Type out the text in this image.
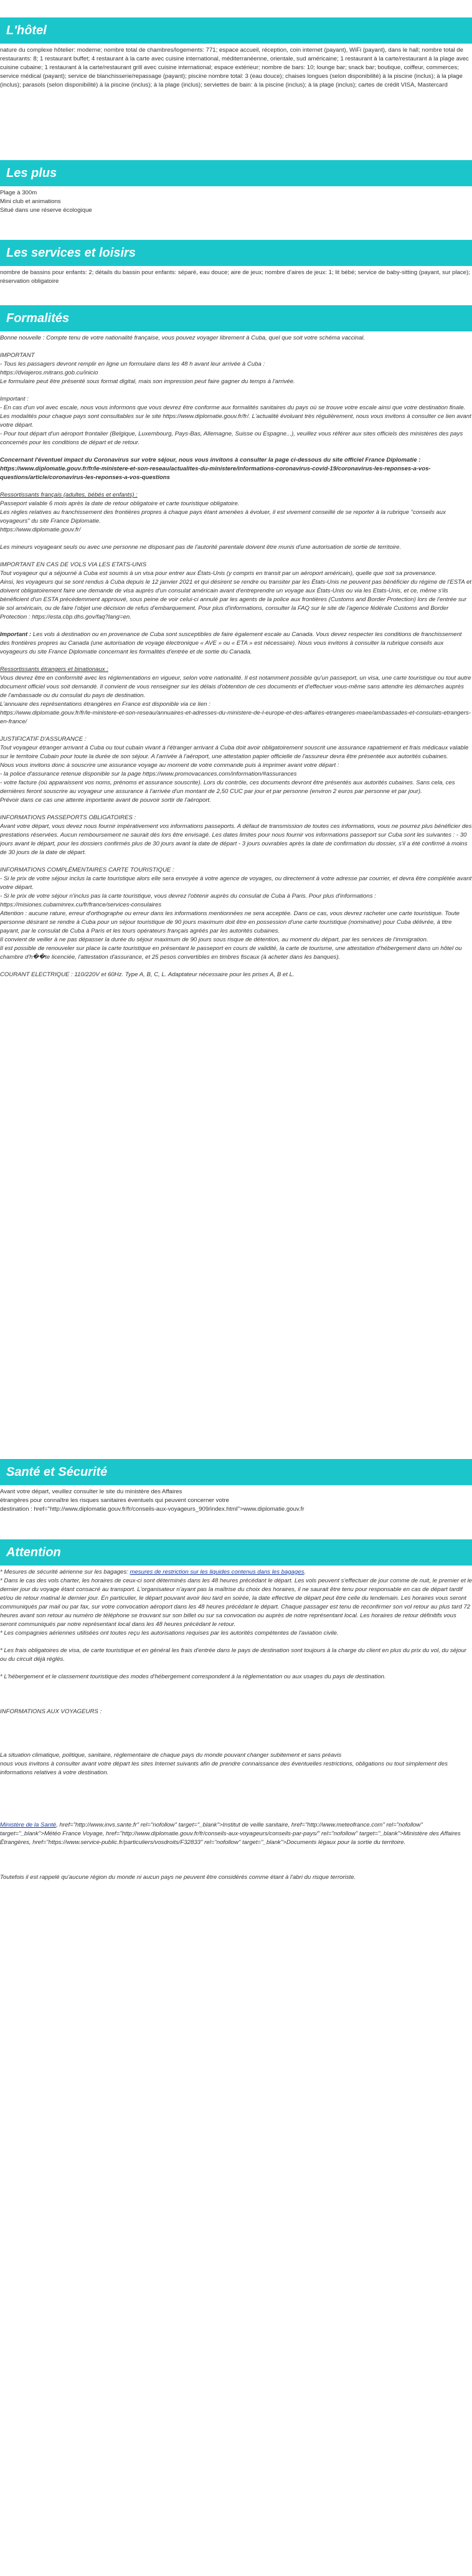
L'hôtel

nature du complexe hôtelier: moderne; nombre total de chambres/logements: 771; espace accueil, réception, coin internet (payant), WiFi (payant), dans le hall; nombre total de restaurants: 8; 1 restaurant buffet; 4 restaurant à la carte avec cuisine international, méditerranéenne, orientale, sud américaine; 1 restaurant à la carte/restaurant à la plage avec cuisine cubaine; 1 restaurant à la carte/restaurant grill avec cuisine international; espace extérieur; nombre de bars: 10; lounge bar; snack bar; boutique, coiffeur, commerces; service médical (payant); service de blanchisserie/repassage (payant); piscine nombre total: 3 (eau douce); chaises longues (selon disponibilité) à la piscine (inclus); à la plage (inclus); parasols (selon disponibilité) à la piscine (inclus); à la plage (inclus); serviettes de bain: à la piscine (inclus); à la plage (inclus); cartes de crédit VISA, Mastercard

Les plus

Plage à 300m

Mini club et animations

Situé dans une réserve écologique

Les services et loisirs

nombre de bassins pour enfants: 2; détails du bassin pour enfants: séparé, eau douce; aire de jeux; nombre d'aires de jeux: 1; lit bébé; service de baby-sitting (payant, sur place); réservation obligatoire

Formalités

Bonne nouvelle : Compte tenu de votre nationalité française, vous pouvez voyager librement à Cuba, quel que soit votre schéma vaccinal.

IMPORTANT

- Tous les passagers devront remplir en ligne un formulaire dans les 48 h avant leur arrivée à Cuba :

https://dviajeros.mitrans.gob.cu/inicio

Le formulaire peut être présenté sous format digital, mais son impression peut faire gagner du temps à l'arrivée.

Important :

- En cas d'un vol avec escale, nous vous informons que vous devrez être conforme aux formalités sanitaires du pays où se trouve votre escale ainsi que votre destination finale.

Les modalités pour chaque pays sont consultables sur le site https://www.diplomatie.gouv.fr/fr/. L'actualité évoluant très régulièrement, nous vous invitons à consulter ce lien avant votre départ.

- Pour tout départ d'un aéroport frontalier (Belgique, Luxembourg, Pays-Bas, Allemagne, Suisse ou Espagne...), veuillez vous référer aux sites officiels des ministères des pays concernés pour les conditions de départ et de retour.

Concernant l'éventuel impact du Coronavirus sur votre séjour, nous vous invitons à consulter la page ci-dessous du site officiel France Diplomatie :

https://www.diplomatie.gouv.fr/fr/le-ministere-et-son-reseau/actualites-du-ministere/informations-coronavirus-covid-19/coronavirus-les-reponses-a-vos-questions/article/coronavirus-les-reponses-a-vos-questions

Ressortissants français (adultes, bébés et enfants) :

Passeport valable 6 mois après la date de retour obligatoire et carte touristique obligatoire.

Les règles relatives au franchissement des frontières propres à chaque pays étant amenées à évoluer, il est vivement conseillé de se reporter à la rubrique "conseils aux voyageurs" du site France Diplomatie.

https://www.diplomatie.gouv.fr/

Les mineurs voyageant seuls ou avec une personne ne disposant pas de l'autorité parentale doivent être munis d'une autorisation de sortie de territoire.

IMPORTANT EN CAS DE VOLS VIA LES ETATS-UNIS

Tout voyageur qui a séjourné à Cuba est soumis à un visa pour entrer aux États-Unis (y compris en transit par un aéroport américain), quelle que soit sa provenance.

Ainsi, les voyageurs qui se sont rendus à Cuba depuis le 12 janvier 2021 et qui désirent se rendre ou transiter par les États-Unis ne peuvent pas bénéficier du régime de l'ESTA et doivent obligatoirement faire une demande de visa auprès d'un consulat américain avant d'entreprendre un voyage aux États-Unis ou via les Etats-Unis, et ce, même s'ils bénéficient d'un ESTA précédemment approuvé, sous peine de voir celui-ci annulé par les agents de la police aux frontières (Customs and Border Protection) lors de l'entrée sur le sol américain, ou de faire l'objet une décision de refus d'embarquement. Pour plus d'informations, consulter la FAQ sur le site de l'agence fédérale Customs and Border Protection : https://esta.cbp.dhs.gov/faq?lang=en.

Important : Les vols à destination ou en provenance de Cuba sont susceptibles de faire également escale au Canada. Vous devez respecter les conditions de franchissement des frontières propres au Canada (une autorisation de voyage électronique « AVE » ou « ETA » est nécessaire). Nous vous invitons à consulter la rubrique conseils aux voyageurs du site France Diplomatie concernant les formalités d'entrée et de sortie du Canada.

Ressortissants étrangers et binationaux :

Vous devrez être en conformité avec les réglementations en vigueur, selon votre nationalité. Il est notamment possible qu'un passeport, un visa, une carte touristique ou tout autre document officiel vous soit demandé. Il convient de vous renseigner sur les délais d'obtention de ces documents et d'effectuer vous-même sans attendre les démarches auprès de l'ambassade ou du consulat du pays de destination.

L'annuaire des représentations étrangères en France est disponible via ce lien :

https://www.diplomatie.gouv.fr/fr/le-ministere-et-son-reseau/annuaires-et-adresses-du-ministere-de-l-europe-et-des-affaires-etrangeres-maee/ambassades-et-consulats-etrangers-en-france/

JUSTIFICATIF D'ASSURANCE :

Tout voyageur étranger arrivant à Cuba ou tout cubain vivant à l'étranger arrivant à Cuba doit avoir obligatoirement souscrit une assurance rapatriement et frais médicaux valable sur le territoire Cubain pour toute la durée de son séjour. A l'arrivée à l'aéroport, une attestation papier officielle de l'assureur devra être présentée aux autorités cubaines.

Nous vous invitons donc à souscrire une assurance voyage au moment de votre commande puis à imprimer avant votre départ :

- la police d'assurance retenue disponible sur la page https://www.promovacances.com/information/#assurances

- votre facture (où apparaissent vos noms, prénoms et assurance souscrite). Lors du contrôle, ces documents devront être présentés aux autorités cubaines. Sans cela, ces dernières feront souscrire au voyageur une assurance à l'arrivée d'un montant de 2,50 CUC par jour et par personne (environ 2 euros par personne et par jour).

Prévoir dans ce cas une attente importante avant de pouvoir sortir de l'aéroport.

INFORMATIONS PASSEPORTS OBLIGATOIRES :

Avant votre départ, vous devez nous fournir impérativement vos informations passeports. A défaut de transmission de toutes ces informations, vous ne pourrez plus bénéficier des prestations réservées. Aucun remboursement ne saurait dès lors être envisagé. Les dates limites pour nous fournir vos informations passeport sur Cuba sont les suivantes : - 30 jours avant le départ, pour les dossiers confirmés plus de 30 jours avant la date de départ - 3 jours ouvrables après la date de confirmation du dossier, s'il a été confirmé à moins de 30 jours de la date de départ.

INFORMATIONS COMPLÉMENTAIRES CARTE TOURISTIQUE :

- Si le prix de votre séjour inclus la carte touristique alors elle sera envoyée à votre agence de voyages, ou directement à votre adresse par courrier, et devra être complétée avant votre départ.

- Si le prix de votre séjour n'inclus pas la carte touristique, vous devrez l'obtenir auprès du consulat de Cuba à Paris. Pour plus d'informations : https://misiones.cubaminrex.cu/fr/france/services-consulaires

Attention : aucune rature, erreur d'orthographe ou erreur dans les informations mentionnées ne sera acceptée. Dans ce cas, vous devrez racheter une carte touristique. Toute personne désirant se rendre à Cuba pour un séjour touristique de 90 jours maximum doit être en possession d'une carte touristique (nominative) pour Cuba délivrée, à titre payant, par le consulat de Cuba à Paris et les tours opérateurs français agréés par les autorités cubaines.

Il convient de veiller à ne pas dépasser la durée du séjour maximum de 90 jours sous risque de détention, au moment du départ, par les services de l'immigration.

Il est possible de renouveler sur place la carte touristique en présentant le passeport en cours de validité, la carte de tourisme, une attestation d'hébergement dans un hôtel ou chambre d'h��te licenciée, l'attestation d'assurance, et 25 pesos convertibles en timbres fiscaux (à acheter dans les banques).

COURANT ELECTRIQUE : 110/220V et 60Hz. Type A, B, C, L. Adaptateur nécessaire pour les prises A, B et L.

Santé et Sécurité

Avant votre départ, veuillez consulter le site du ministère des Affaires

étrangères pour connaître les risques sanitaires éventuels qui peuvent concerner votre

destination : href="http://www.diplomatie.gouv.fr/fr/conseils-aux-voyageurs_909/index.html">www.diplomatie.gouv.fr

Attention

* Mesures de sécurité aérienne sur les bagages: mesures de restriction sur les liquides contenus dans les bagages.

* Dans le cas des vols charter, les horaires de ceux-ci sont déterminés dans les 48 heures précédant le départ. Les vols peuvent s'effectuer de jour comme de nuit, le premier et le dernier jour du voyage étant consacré au transport. L'organisateur n'ayant pas la maîtrise du choix des horaires, il ne saurait être tenu pour responsable en cas de départ tardif et/ou de retour matinal le dernier jour. En particulier, le départ pouvant avoir lieu tard en soirée, la date effective de départ peut être celle du lendemain. Les horaires vous seront communiqués par mail ou par fax, sur votre convocation aéroport dans les 48 heures précédant le départ. Chaque passager est tenu de reconfirmer son vol retour au plus tard 72 heures avant son retour au numéro de téléphone se trouvant sur son billet ou sur sa convocation ou auprès de notre représentant local. Les horaires de retour définitifs vous seront communiqués par notre représentant local dans les 48 heures précédant le retour.

* Les compagnies aériennes utilisées ont toutes reçu les autorisations requises par les autorités compétentes de l'aviation civile.

* Les frais obligatoires de visa, de carte touristique et en général les frais d'entrée dans le pays de destination sont toujours à la charge du client en plus du prix du vol, du séjour ou du circuit déjà réglés.

* L'hébergement et le classement touristique des modes d'hébergement correspondent à la réglementation ou aux usages du pays de destination.

INFORMATIONS AUX VOYAGEURS :

La situation climatique, politique, sanitaire, réglementaire de chaque pays du monde pouvant changer subitement et sans préavis

nous vous invitons à consulter avant votre départ les sites Internet suivants afin de prendre connaissance des éventuelles restrictions, obligations ou tout simplement des informations relatives à votre destination.

Ministère de la Santé, href="http://www.invs.sante.fr" rel="nofollow" target="_blank">Institut de veille sanitaire, href="http://www.meteofrance.com" rel="nofollow" target="_blank">Météo France Voyage, href="http://www.diplomatie.gouv.fr/fr/conseils-aux-voyageurs/conseils-par-pays/" rel="nofollow" target="_blank">Ministère des Affaires Étrangères, href="https://www.service-public.fr/particuliers/vosdroits/F32833" rel="nofollow" target="_blank">Documents légaux pour la sortie du territoire.

Toutefois il est rappelé qu'aucune région du monde ni aucun pays ne peuvent être considérés comme étant à l'abri du risque terroriste.
